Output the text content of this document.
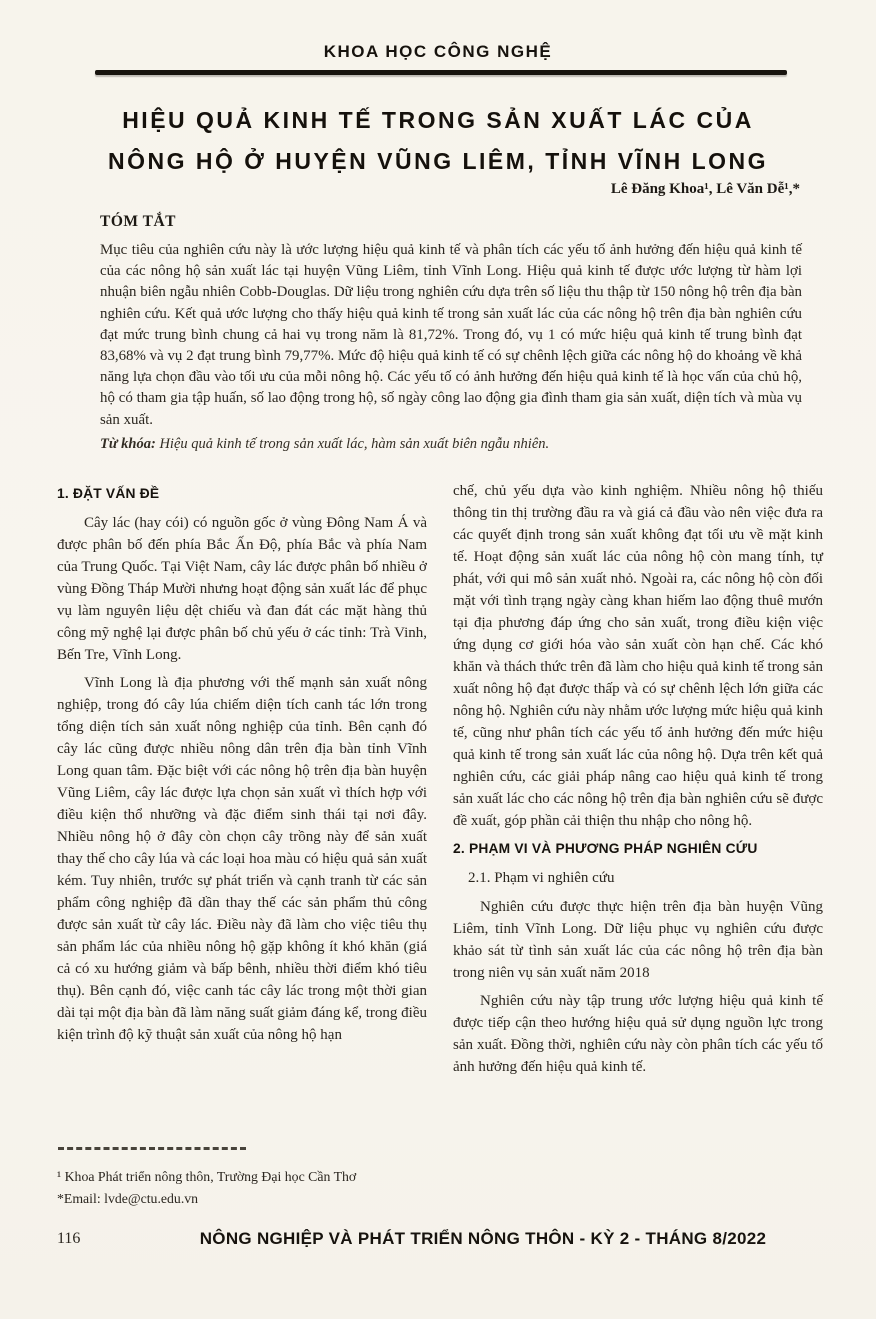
KHOA HỌC CÔNG NGHỆ
HIỆU QUẢ KINH TẾ TRONG SẢN XUẤT LÁC CỦA
NÔNG HỘ Ở HUYỆN VŨNG LIÊM, TỈNH VĨNH LONG
Lê Đăng Khoa¹, Lê Văn Dễ¹,*
TÓM TẮT
Mục tiêu của nghiên cứu này là ước lượng hiệu quả kinh tế và phân tích các yếu tố ảnh hưởng đến hiệu quả kinh tế của các nông hộ sản xuất lác tại huyện Vũng Liêm, tỉnh Vĩnh Long. Hiệu quả kinh tế được ước lượng từ hàm lợi nhuận biên ngẫu nhiên Cobb-Douglas. Dữ liệu trong nghiên cứu dựa trên số liệu thu thập từ 150 nông hộ trên địa bàn nghiên cứu. Kết quả ước lượng cho thấy hiệu quả kinh tế trong sản xuất lác của các nông hộ trên địa bàn nghiên cứu đạt mức trung bình chung cả hai vụ trong năm là 81,72%. Trong đó, vụ 1 có mức hiệu quả kinh tế trung bình đạt 83,68% và vụ 2 đạt trung bình 79,77%. Mức độ hiệu quả kinh tế có sự chênh lệch giữa các nông hộ do khoảng về khả năng lựa chọn đầu vào tối ưu của mỗi nông hộ. Các yếu tố có ảnh hưởng đến hiệu quả kinh tế là học vấn của chủ hộ, hộ có tham gia tập huấn, số lao động trong hộ, số ngày công lao động gia đình tham gia sản xuất, diện tích và mùa vụ sản xuất.
Từ khóa: Hiệu quả kinh tế trong sản xuất lác, hàm sản xuất biên ngẫu nhiên.
1. ĐẶT VẤN ĐỀ

Cây lác (hay cói) có nguồn gốc ở vùng Đông Nam Á và được phân bố đến phía Bắc Ấn Độ, phía Bắc và phía Nam của Trung Quốc. Tại Việt Nam, cây lác được phân bố nhiều ở vùng Đồng Tháp Mười nhưng hoạt động sản xuất lác để phục vụ làm nguyên liệu dệt chiếu và đan đát các mặt hàng thủ công mỹ nghệ lại được phân bố chủ yếu ở các tỉnh: Trà Vinh, Bến Tre, Vĩnh Long.

Vĩnh Long là địa phương với thế mạnh sản xuất nông nghiệp, trong đó cây lúa chiếm diện tích canh tác lớn trong tổng diện tích sản xuất nông nghiệp của tỉnh. Bên cạnh đó cây lác cũng được nhiều nông dân trên địa bàn tỉnh Vĩnh Long quan tâm. Đặc biệt với các nông hộ trên địa bàn huyện Vũng Liêm, cây lác được lựa chọn sản xuất vì thích hợp với điều kiện thổ nhưỡng và đặc điểm sinh thái tại nơi đây. Nhiều nông hộ ở đây còn chọn cây trồng này để sản xuất thay thế cho cây lúa và các loại hoa màu có hiệu quả sản xuất kém. Tuy nhiên, trước sự phát triển và cạnh tranh từ các sản phẩm công nghiệp đã dần thay thế các sản phẩm thủ công được sản xuất từ cây lác. Điều này đã làm cho việc tiêu thụ sản phẩm lác của nhiều nông hộ gặp không ít khó khăn (giá cả có xu hướng giảm và bấp bênh, nhiều thời điểm khó tiêu thụ). Bên cạnh đó, việc canh tác cây lác trong một thời gian dài tại một địa bàn đã làm năng suất giảm đáng kể, trong điều kiện trình độ kỹ thuật sản xuất của nông hộ hạn

chế, chủ yếu dựa vào kinh nghiệm. Nhiều nông hộ thiếu thông tin thị trường đầu ra và giá cả đầu vào nên việc đưa ra các quyết định trong sản xuất không đạt tối ưu về mặt kinh tế. Hoạt động sản xuất lác của nông hộ còn mang tính, tự phát, với qui mô sản xuất nhỏ. Ngoài ra, các nông hộ còn đối mặt với tình trạng ngày càng khan hiếm lao động thuê mướn tại địa phương đáp ứng cho sản xuất, trong điều kiện việc ứng dụng cơ giới hóa vào sản xuất còn hạn chế. Các khó khăn và thách thức trên đã làm cho hiệu quả kinh tế trong sản xuất nông hộ đạt được thấp và có sự chênh lệch lớn giữa các nông hộ. Nghiên cứu này nhằm ước lượng mức hiệu quả kinh tế, cũng như phân tích các yếu tố ảnh hưởng đến mức hiệu quả kinh tế trong sản xuất lác của nông hộ. Dựa trên kết quả nghiên cứu, các giải pháp nâng cao hiệu quả kinh tế trong sản xuất lác cho các nông hộ trên địa bàn nghiên cứu sẽ được đề xuất, góp phần cải thiện thu nhập cho nông hộ.

2. PHẠM VI VÀ PHƯƠNG PHÁP NGHIÊN CỨU
2.1. Phạm vi nghiên cứu

Nghiên cứu được thực hiện trên địa bàn huyện Vũng Liêm, tỉnh Vĩnh Long. Dữ liệu phục vụ nghiên cứu được khảo sát từ tình sản xuất lác của các nông hộ trên địa bàn trong niên vụ sản xuất năm 2018

Nghiên cứu này tập trung ước lượng hiệu quả kinh tế được tiếp cận theo hướng hiệu quả sử dụng nguồn lực trong sản xuất. Đồng thời, nghiên cứu này còn phân tích các yếu tố ảnh hưởng đến hiệu quả kinh tế.

¹ Khoa Phát triển nông thôn, Trường Đại học Cần Thơ
*Email: lvde@ctu.edu.vn
116	NÔNG NGHIỆP VÀ PHÁT TRIỂN NÔNG THÔN - KỲ 2 - THÁNG 8/2022
